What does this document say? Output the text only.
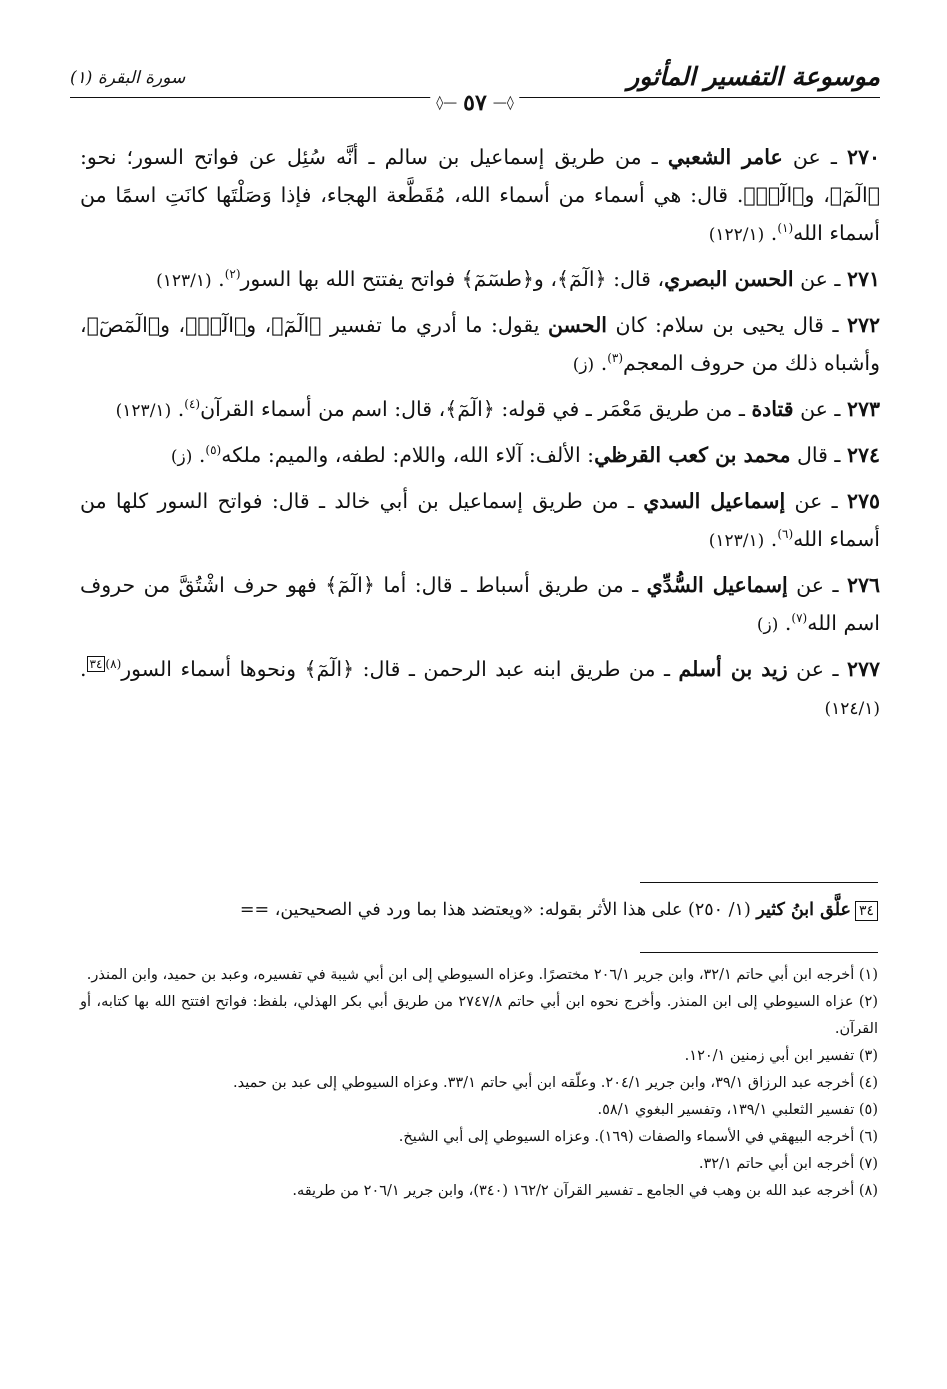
موسوعة التفسير المأثور
سورة البقرة (١)
◊— ٥٧ —◊

٢٧٠ ـ عن عامر الشعبي ـ من طريق إسماعيل بن سالم ـ أنَّه سُئِل عن فواتح السور؛ نحو: ﴿الٓمٓ﴾، و﴿الٓرۚ﴾. قال: هي أسماء من أسماء الله، مُقَطَّعة الهجاء، فإذا وَصَلْتَها كانَتِ اسمًا من أسماء الله$^{(١)}$. (١٢٢/١)

٢٧١ ـ عن الحسن البصري، قال: ﴿الٓمٓ﴾، و﴿طسٓمٓ﴾ فواتح يفتتح الله بها السور$^{(٢)}$. (١٢٣/١)

٢٧٢ ـ قال يحيى بن سلام: كان الحسن يقول: ما أدري ما تفسير ﴿الٓمٓ﴾، و﴿الٓرۚ﴾، و﴿الٓمٓصٓ﴾، وأشباه ذلك من حروف المعجم$^{(٣)}$. (ز)

٢٧٣ ـ عن قتادة ـ من طريق مَعْمَر ـ في قوله: ﴿الٓمٓ﴾، قال: اسم من أسماء القرآن$^{(٤)}$. (١٢٣/١)

٢٧٤ ـ قال محمد بن كعب القرظي: الألف: آلاء الله، واللام: لطفه، والميم: ملكه$^{(٥)}$. (ز)

٢٧٥ ـ عن إسماعيل السدي ـ من طريق إسماعيل بن أبي خالد ـ قال: فواتح السور كلها من أسماء الله$^{(٦)}$. (١٢٣/١)

٢٧٦ ـ عن إسماعيل السُّدِّي ـ من طريق أسباط ـ قال: أما ﴿الٓمٓ﴾ فهو حرف اشْتُقَّ من حروف اسم الله$^{(٧)}$. (ز)

٢٧٧ ـ عن زيد بن أسلم ـ من طريق ابنه عبد الرحمن ـ قال: ﴿الٓمٓ﴾ ونحوها أسماء السور$^{(٨)}$٣٤. (١٢٤/١)

٣٤علَّق ابنُ كثير (١/ ٢٥٠) على هذا الأثر بقوله: «ويعتضد هذا بما ورد في الصحيحين، ==

(١) أخرجه ابن أبي حاتم ٣٢/١، وابن جرير ٢٠٦/١ مختصرًا. وعزاه السيوطي إلى ابن أبي شيبة في تفسيره، وعبد بن حميد، وابن المنذر.

(٢) عزاه السيوطي إلى ابن المنذر. وأخرج نحوه ابن أبي حاتم ٢٧٤٧/٨ من طريق أبي بكر الهذلي، بلفظ: فواتح افتتح الله بها كتابه، أو القرآن.

(٣) تفسير ابن أبي زمنين ١٢٠/١.

(٤) أخرجه عبد الرزاق ٣٩/١، وابن جرير ٢٠٤/١. وعلّقه ابن أبي حاتم ٣٣/١. وعزاه السيوطي إلى عبد بن حميد.

(٥) تفسير الثعلبي ١٣٩/١، وتفسير البغوي ٥٨/١.

(٦) أخرجه البيهقي في الأسماء والصفات (١٦٩). وعزاه السيوطي إلى أبي الشيخ.

(٧) أخرجه ابن أبي حاتم ٣٢/١.

(٨) أخرجه عبد الله بن وهب في الجامع ـ تفسير القرآن ١٦٢/٢ (٣٤٠)، وابن جرير ٢٠٦/١ من طريقه.
